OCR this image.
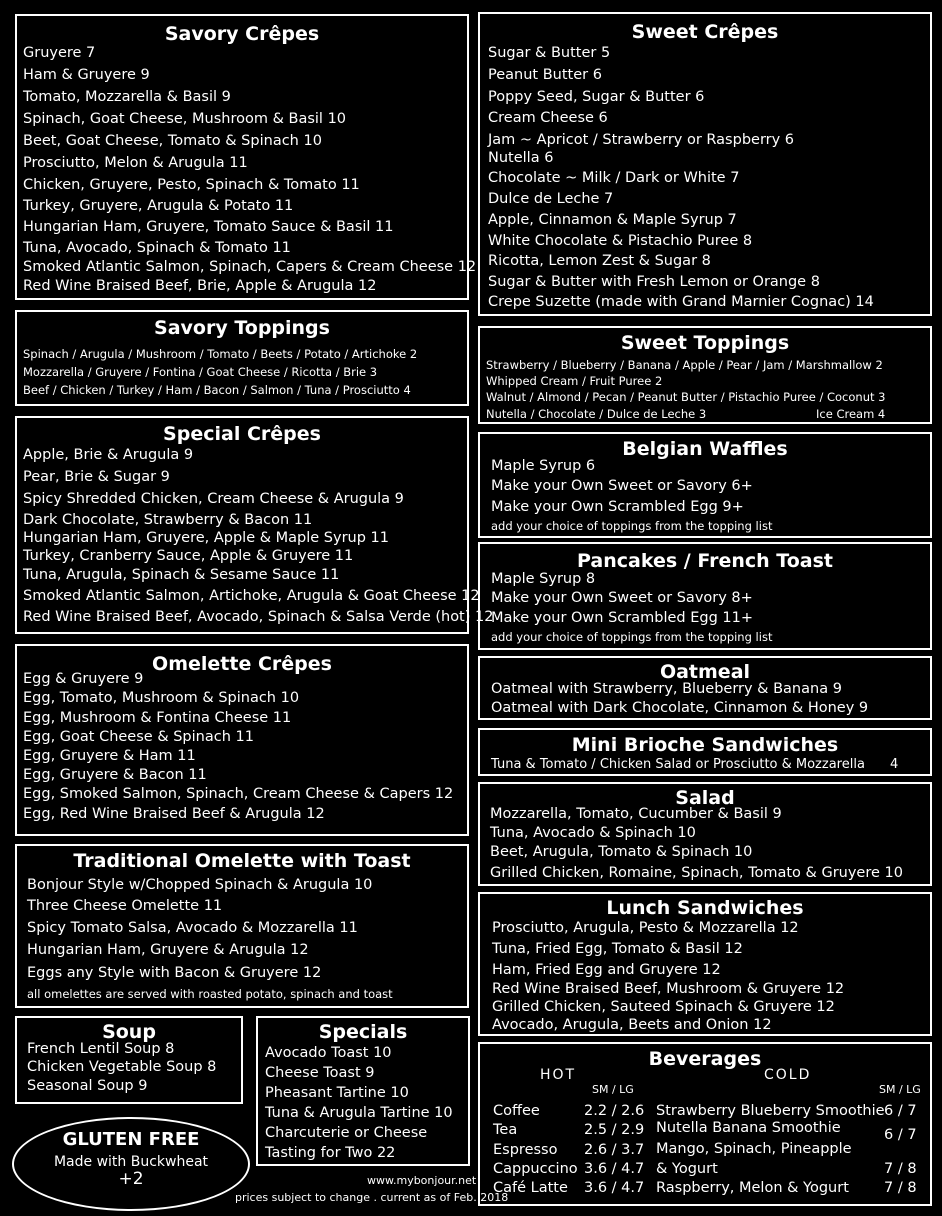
Savory Crêpes
Savory Toppings
Special Crêpes
Omelette Crêpes
Traditional Omelette with Toast
Soup	Specials
GLUTEN FREE
Made with Buckwheat
+2	www.mybonjour.net
prices subject to change . current as of Feb. 2018
Sweet Crêpes
Sweet Toppings
Belgian Waffles
Pancakes / French Toast
Oatmeal
Mini Brioche Sandwiches
Salad
Lunch Sandwiches
Beverages
Gruyere 7
Ham & Gruyere 9
Tomato, Mozzarella & Basil 9
Spinach, Goat Cheese, Mushroom & Basil 10
Beet, Goat Cheese, Tomato & Spinach 10
Prosciutto, Melon & Arugula 11
Chicken, Gruyere, Pesto, Spinach & Tomato 11
Turkey, Gruyere, Arugula & Potato 11
Hungarian Ham, Gruyere, Tomato Sauce & Basil 11
Tuna, Avocado, Spinach & Tomato 11
Smoked Atlantic Salmon, Spinach, Capers & Cream Cheese 12
Red Wine Braised Beef, Brie, Apple & Arugula 12
Spinach / Arugula / Mushroom / Tomato / Beets / Potato / Artichoke 2
Mozzarella / Gruyere / Fontina / Goat Cheese / Ricotta / Brie 3
Beef / Chicken / Turkey / Ham / Bacon / Salmon / Tuna / Prosciutto 4
Apple, Brie & Arugula 9
Pear, Brie & Sugar 9
Spicy Shredded Chicken, Cream Cheese & Arugula 9
Dark Chocolate, Strawberry & Bacon 11
Hungarian Ham, Gruyere, Apple & Maple Syrup 11
Turkey, Cranberry Sauce, Apple & Gruyere 11
Tuna, Arugula, Spinach & Sesame Sauce 11
Smoked Atlantic Salmon, Artichoke, Arugula & Goat Cheese 12
Red Wine Braised Beef, Avocado, Spinach & Salsa Verde (hot) 12
Egg & Gruyere 9
Egg, Tomato, Mushroom & Spinach 10
Egg, Mushroom & Fontina Cheese 11
Egg, Goat Cheese & Spinach 11
Egg, Gruyere & Ham 11
Egg, Gruyere & Bacon 11
Egg, Smoked Salmon, Spinach, Cream Cheese & Capers 12
Egg, Red Wine Braised Beef & Arugula 12
Bonjour Style w/Chopped Spinach & Arugula 10
Three Cheese Omelette 11
Spicy Tomato Salsa, Avocado & Mozzarella 11
Hungarian Ham, Gruyere & Arugula 12
Eggs any Style with Bacon & Gruyere 12
French Lentil Soup 8
Chicken Vegetable Soup 8
Seasonal Soup 9
Avocado Toast 10
Cheese Toast 9
Pheasant Tartine 10
Tuna & Arugula Tartine 10
Charcuterie or Cheese
Tasting for Two 22
Sugar & Butter 5
Peanut Butter 6
Poppy Seed, Sugar & Butter 6
Cream Cheese 6
Jam ~ Apricot / Strawberry or Raspberry 6
Nutella 6
Chocolate ~ Milk / Dark or White 7
Dulce de Leche 7
Apple, Cinnamon & Maple Syrup 7
White Chocolate & Pistachio Puree 8
Ricotta, Lemon Zest & Sugar 8
Sugar & Butter with Fresh Lemon or Orange 8
Crepe Suzette (made with Grand Marnier Cognac) 14
Strawberry / Blueberry / Banana / Apple / Pear / Jam / Marshmallow 2
Whipped Cream / Fruit Puree 2
Walnut / Almond / Pecan / Peanut Butter / Pistachio Puree / Coconut 3
Nutella / Chocolate / Dulce de Leche 3
Maple Syrup 6
Make your Own Sweet or Savory 6+
Make your Own Scrambled Egg 9+
Maple Syrup 8
Make your Own Sweet or Savory 8+
Make your Own Scrambled Egg 11+
Oatmeal with Strawberry, Blueberry & Banana 9
Oatmeal with Dark Chocolate, Cinnamon & Honey 9
Mozzarella, Tomato, Cucumber & Basil 9
Tuna, Avocado & Spinach 10
Beet, Arugula, Tomato & Spinach 10
Grilled Chicken, Romaine, Spinach, Tomato & Gruyere 10
Prosciutto, Arugula, Pesto & Mozzarella 12
Tuna, Fried Egg, Tomato & Basil 12
Ham, Fried Egg and Gruyere 12
Red Wine Braised Beef, Mushroom & Gruyere 12
Grilled Chicken, Sauteed Spinach & Gruyere 12
Avocado, Arugula, Beets and Onion 12
Coffee	2.2 / 2.6
Tea	2.5 / 2.9
Espresso 2.6 / 3.7
Cappuccino 3.6 / 4.7
Café Latte 3.6 / 4.7
Strawberry Blueberry Smoothie 6 / 7
Nutella Banana Smoothie	6 / 7
Mango, Spinach, Pineapple
& Yogurt	7 / 8
Raspberry, Melon & Yogurt 7 / 8
HOT	COLD
SM / LG	SM / LG
Tuna & Tomato / Chicken Salad or Prosciutto & Mozzarella 4
all omelettes are served with roasted potato, spinach and toast
add your choice of toppings from the topping list
add your choice of toppings from the topping list
Ice Cream 4
